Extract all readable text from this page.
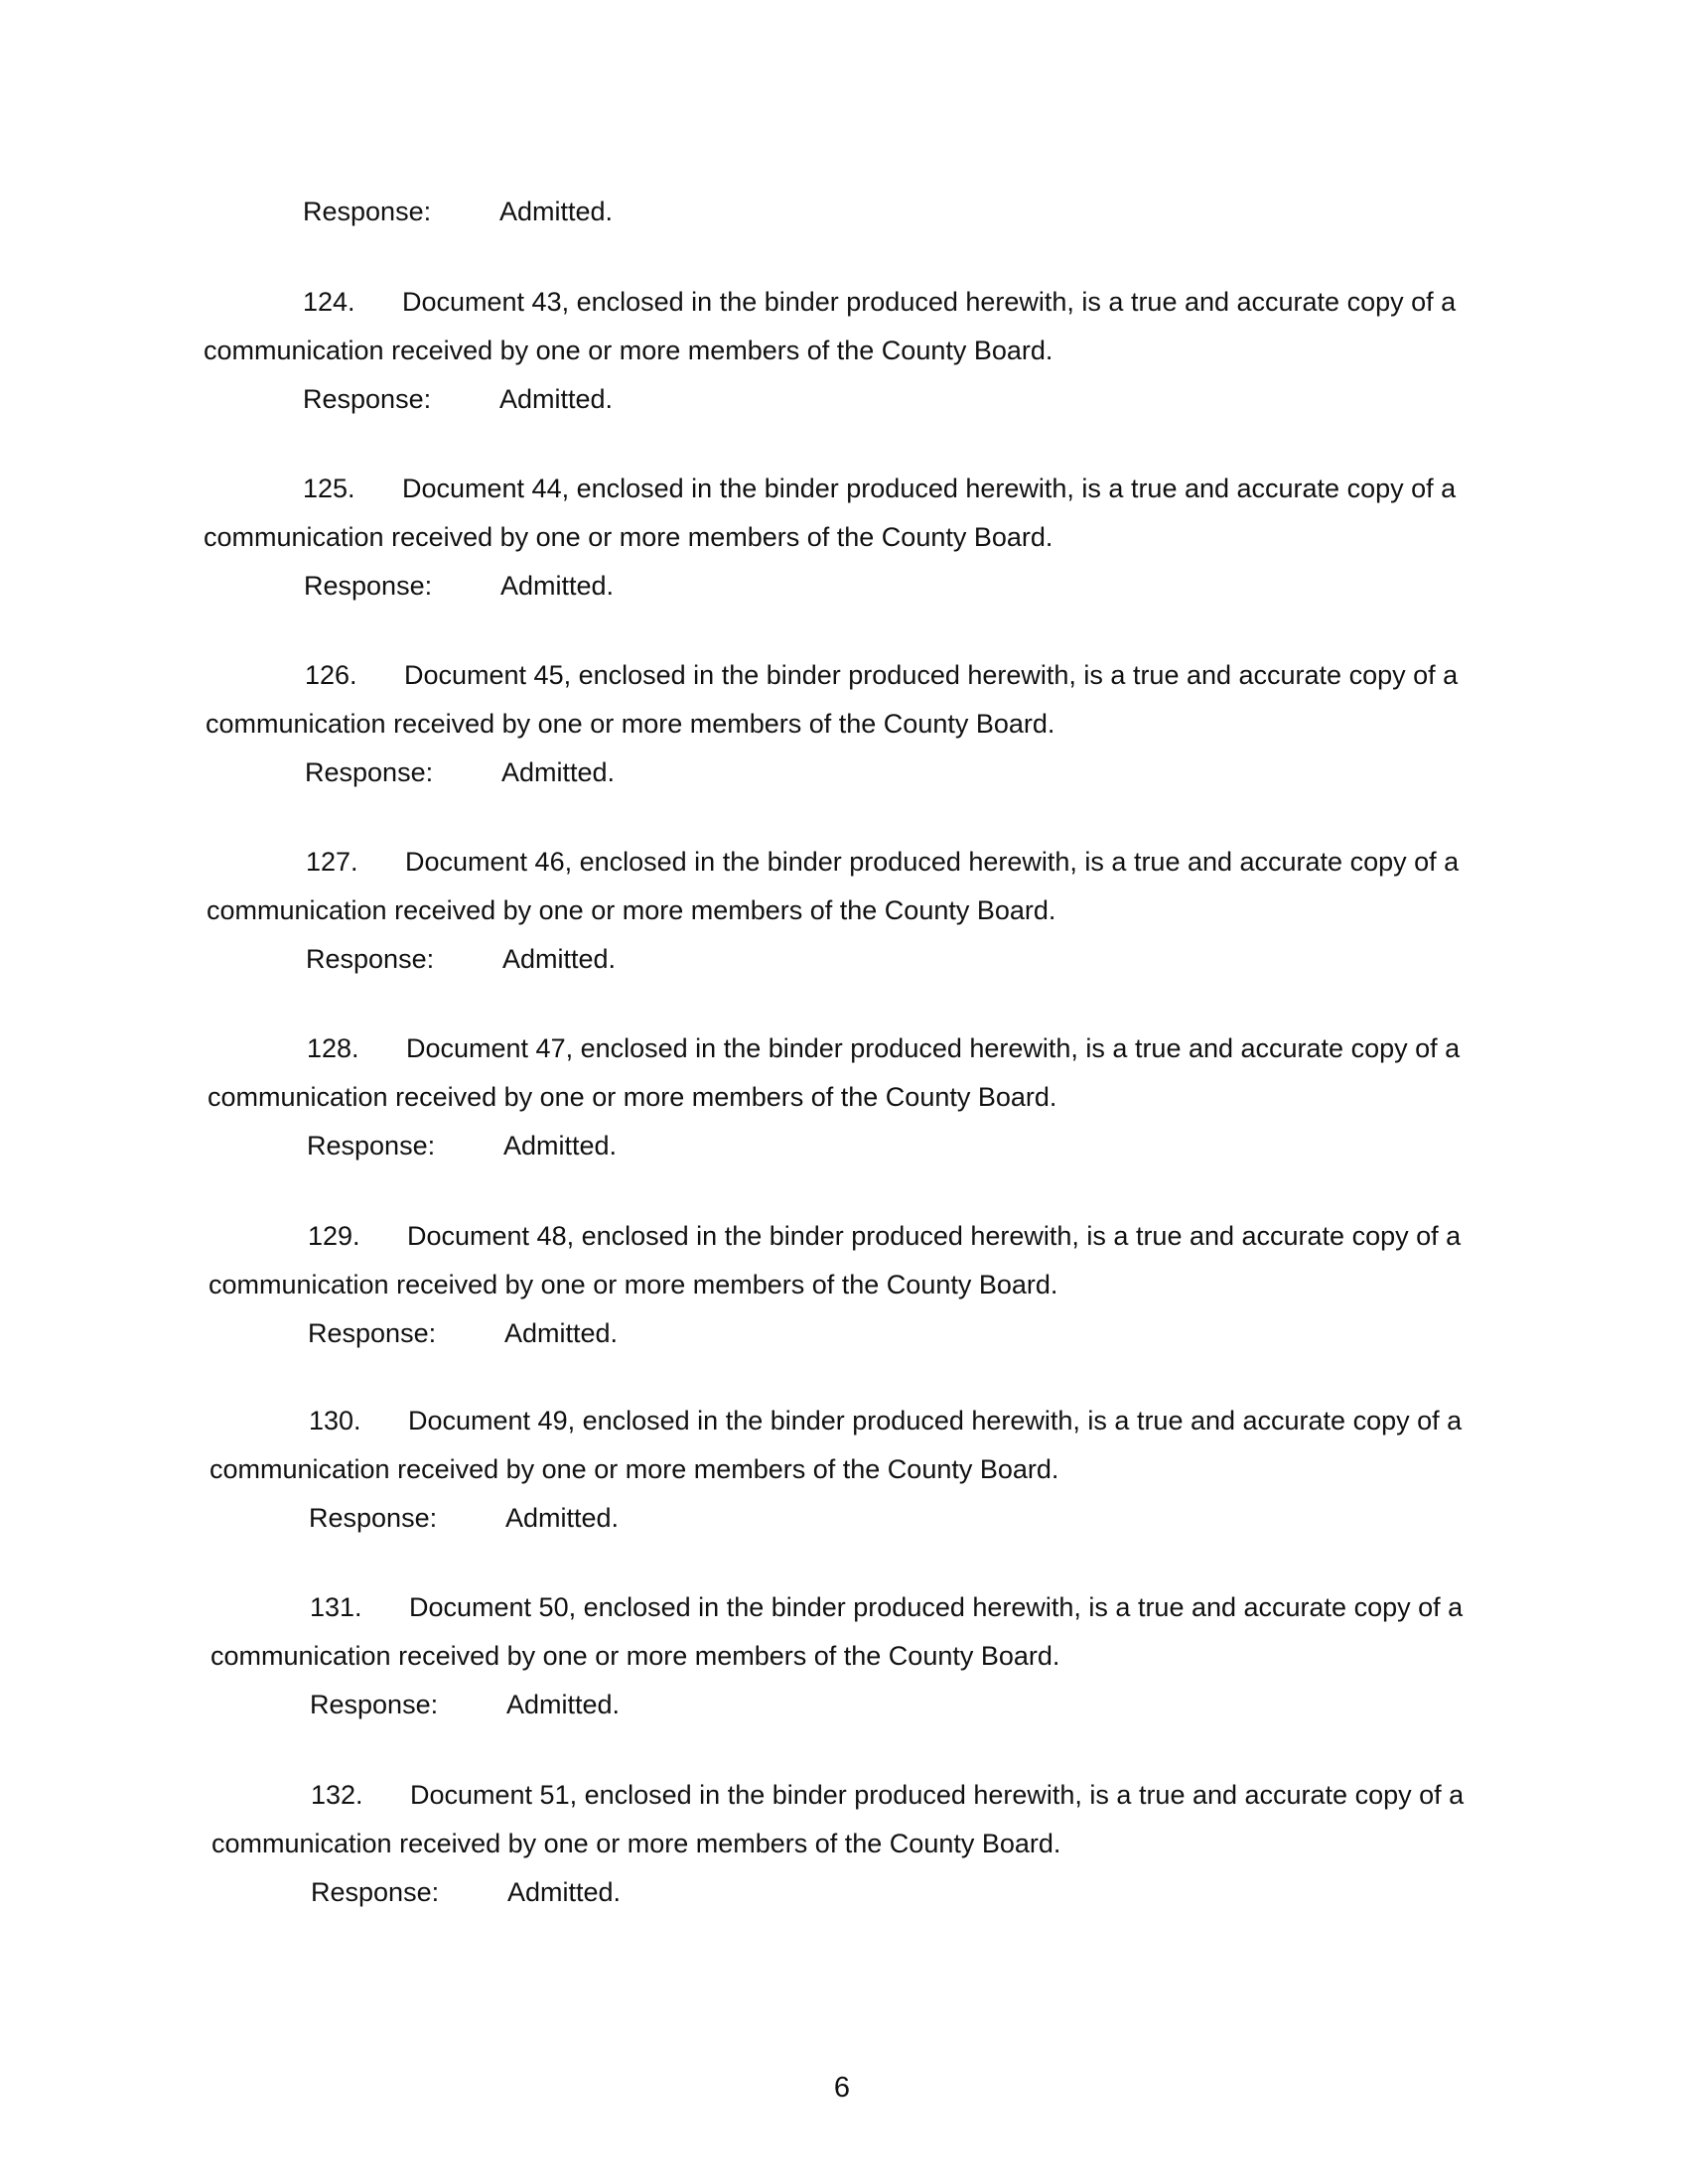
Response:	Admitted.
124. Document 43, enclosed in the binder produced herewith, is a true and accurate copy of a
communication received by one or more members of the County Board.
Response:	Admitted.
125. Document 44, enclosed in the binder produced herewith, is a true and accurate copy of a
communication received by one or more members of the County Board.
Response:	Admitted.
126. Document 45, enclosed in the binder produced herewith, is a true and accurate copy of a
communication received by one or more members of the County Board.
Response:	Admitted.
127. Document 46, enclosed in the binder produced herewith, is a true and accurate copy of a
communication received by one or more members of the County Board.
Response:	Admitted.
128. Document 47, enclosed in the binder produced herewith, is a true and accurate copy of a
communication received by one or more members of the County Board.
Response:	Admitted.
129. Document 48, enclosed in the binder produced herewith, is a true and accurate copy of a
communication received by one or more members of the County Board.
Response:	Admitted.
130. Document 49, enclosed in the binder produced herewith, is a true and accurate copy of a
communication received by one or more members of the County Board.
Response:	Admitted.
131. Document 50, enclosed in the binder produced herewith, is a true and accurate copy of a
communication received by one or more members of the County Board.
Response:	Admitted.
132. Document 51, enclosed in the binder produced herewith, is a true and accurate copy of a
communication received by one or more members of the County Board.
Response:	Admitted.
6
